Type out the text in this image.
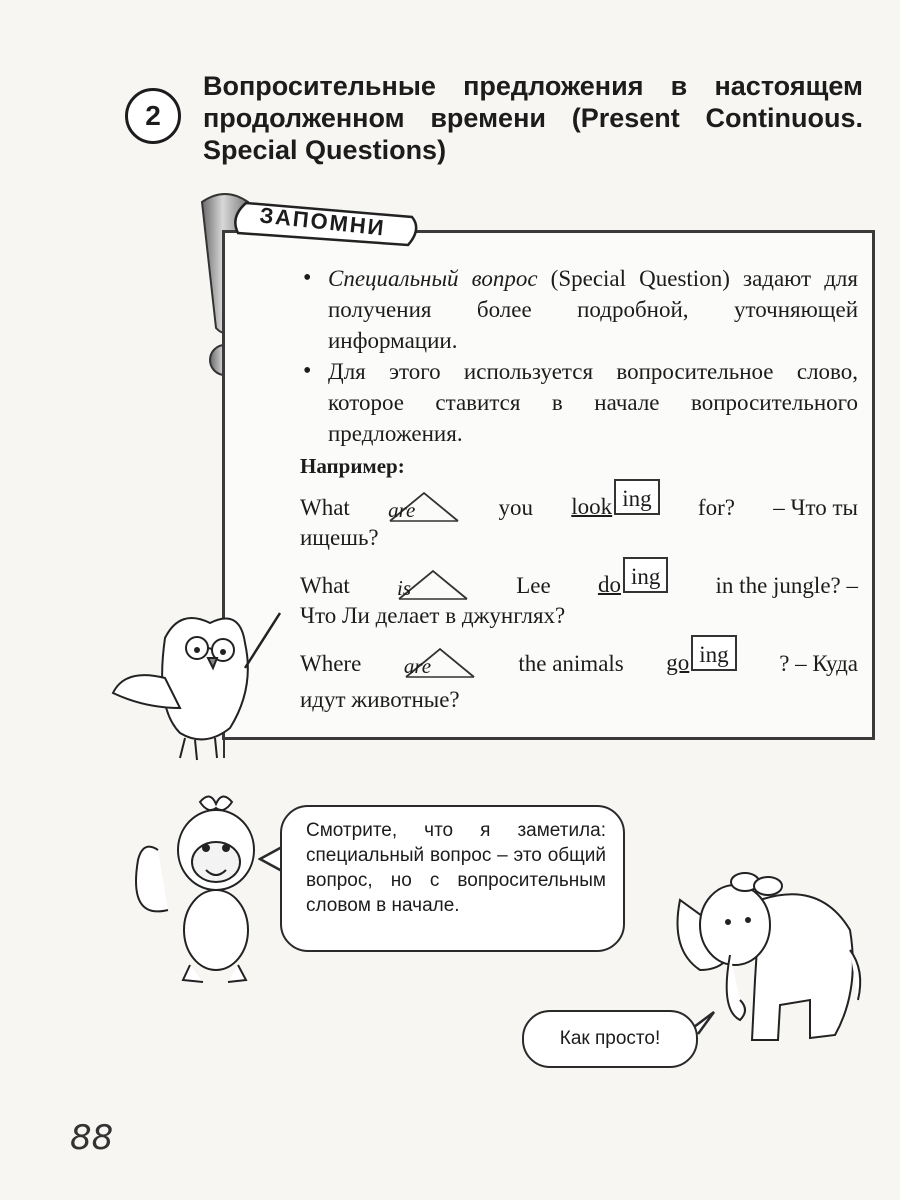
2
Вопросительные предложения в настоящем продолженном времени (Present Continuous. Special Questions)
ЗАПОМНИ
• Специальный вопрос (Special Question) задают для получения более подробной, уточняющей информации.
• Для этого используется вопросительное слово, которое ставится в начале вопросительного предложения.
Например:
What are	you look ing	for? – Что ты
ищешь?
What is	Lee do ing	in the jungle? –
Что Ли делает в джунглях?
Where are	the animals go ing	? – Куда
идут животные?
Смотрите, что я заметила: специальный вопрос – это общий вопрос, но с вопросительным словом в начале.
Как просто!
88
